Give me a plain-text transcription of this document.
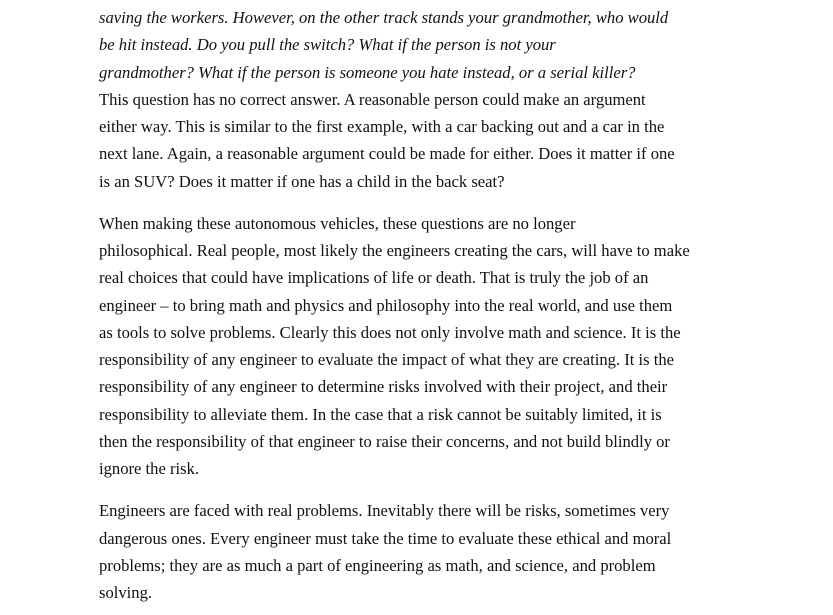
saving the workers. However, on the other track stands your grandmother, who would
be hit instead. Do you pull the switch? What if the person is not your
grandmother? What if the person is someone you hate instead, or a serial killer?
This question has no correct answer. A reasonable person could make an argument
either way. This is similar to the first example, with a car backing out and a car in the
next lane. Again, a reasonable argument could be made for either. Does it matter if one
is an SUV? Does it matter if one has a child in the back seat?
When making these autonomous vehicles, these questions are no longer
philosophical. Real people, most likely the engineers creating the cars, will have to make
real choices that could have implications of life or death. That is truly the job of an
engineer – to bring math and physics and philosophy into the real world, and use them
as tools to solve problems. Clearly this does not only involve math and science. It is the
responsibility of any engineer to evaluate the impact of what they are creating. It is the
responsibility of any engineer to determine risks involved with their project, and their
responsibility to alleviate them. In the case that a risk cannot be suitably limited, it is
then the responsibility of that engineer to raise their concerns, and not build blindly or
ignore the risk.
Engineers are faced with real problems. Inevitably there will be risks, sometimes very
dangerous ones. Every engineer must take the time to evaluate these ethical and moral
problems; they are as much a part of engineering as math, and science, and problem
solving.
